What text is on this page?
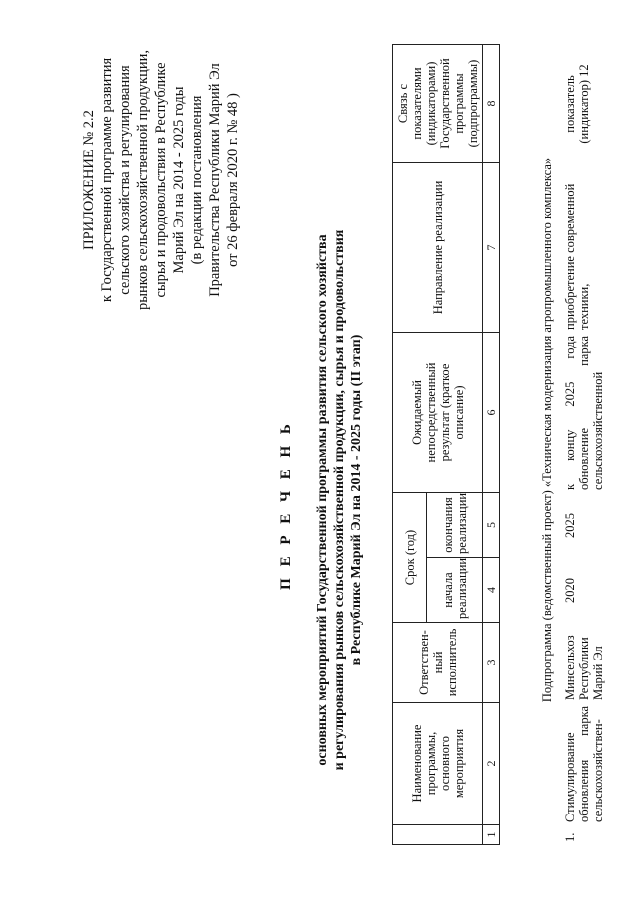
ПРИЛОЖЕНИЕ № 2.2 к Государственной программе развития сельского хозяйства и регулирования рынков сельскохозяйственной продукции, сырья и продовольствия в Республике Марий Эл на 2014 - 2025 годы (в редакции постановления Правительства Республики Марий Эл от 26 февраля 2020 г. № 48 )
П Е Р Е Ч Е Н Ь основных мероприятий Государственной программы развития сельского хозяйства и регулирования рынков сельскохозяйственной продукции, сырья и продовольствия в Республике Марий Эл на 2014 - 2025 годы (II этап)
	Наименование программы, основного мероприятия	Ответствен-ный исполнитель	Срок (год)		Ожидаемый непосредственный результат (краткое описание)	Направление реализации	Связь с показателями (индикаторами) Государственной программы (подпрограммы)
			начала реализации	окончания реализации			
1	2	3	4	5	6	7	8
Подпрограмма (ведомственный проект) «Техническая модернизация агропромышленного комплекса»
1.	Стимулирование обновления парка сельскохозяйствен-	Минсельхоз Республики Марий Эл	2020	2025	к концу 2025 года обновление парка сельскохозяйственной	приобретение современной техники,	показатель (индикатор) 12
